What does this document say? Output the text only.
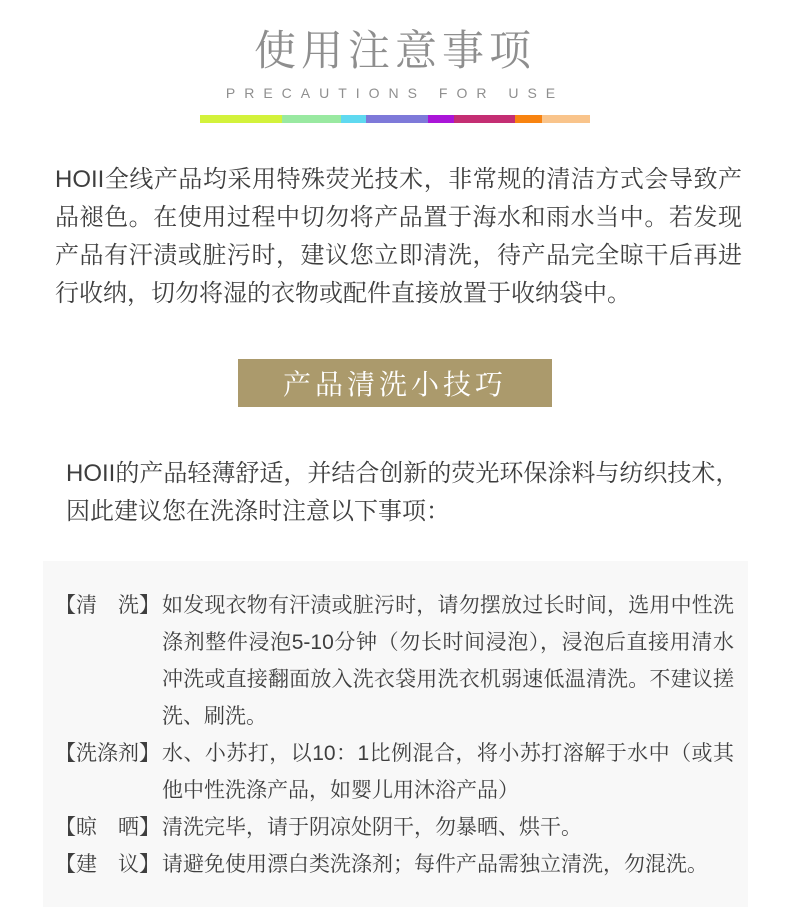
使用注意事项
PRECAUTIONS FOR USE

HOII全线产品均采用特殊荧光技术，非常规的清洁方式会导致产品褪色。在使用过程中切勿将产品置于海水和雨水当中。若发现产品有汗渍或脏污时，建议您立即清洗，待产品完全晾干后再进行收纳，切勿将湿的衣物或配件直接放置于收纳袋中。

产品清洗小技巧

HOII的产品轻薄舒适，并结合创新的荧光环保涂料与纺织技术，因此建议您在洗涤时注意以下事项：

【清　洗】 如发现衣物有汗渍或脏污时，请勿摆放过长时间，选用中性洗涤剂整件浸泡5-10分钟（勿长时间浸泡），浸泡后直接用清水冲洗或直接翻面放入洗衣袋用洗衣机弱速低温清洗。不建议搓洗、刷洗。
【洗涤剂】 水、小苏打，以10：1比例混合，将小苏打溶解于水中（或其他中性洗涤产品，如婴儿用沐浴产品）
【晾　晒】 清洗完毕，请于阴凉处阴干，勿暴晒、烘干。
【建　议】 请避免使用漂白类洗涤剂；每件产品需独立清洗，勿混洗。
